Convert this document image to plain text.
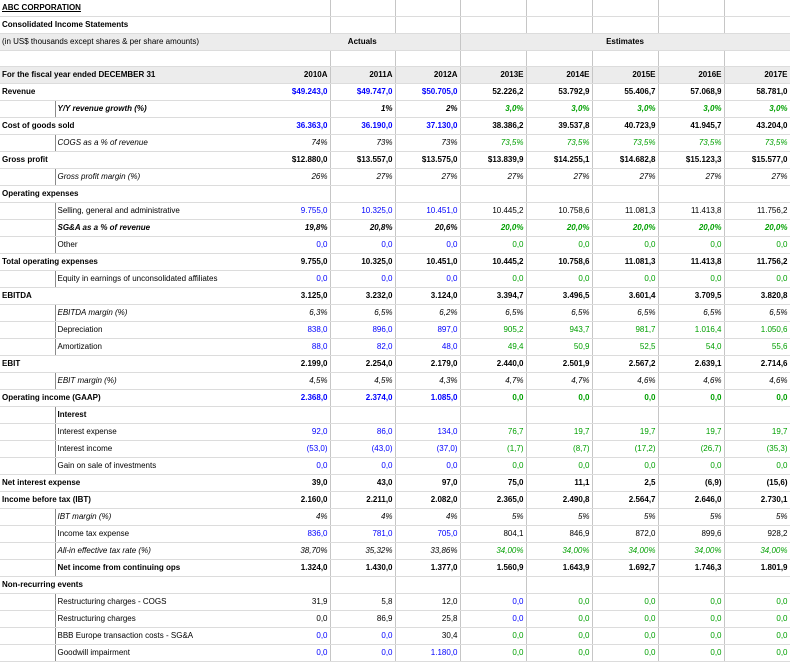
ABC CORPORATION									
Consolidated Income Statements									
(in US$ thousands except shares & per share amounts)		Actuals			Estimates				

For the fiscal year ended DECEMBER 31		2010A	2011A	2012A	2013E	2014E	2015E	2016E	2017E
Revenue		$49.243,0	$49.747,0	$50.705,0	52.226,2	53.792,9	55.406,7	57.068,9	58.781,0
	Y/Y revenue growth (%)		1%	2%	3,0%	3,0%	3,0%	3,0%	3,0%
Cost of goods sold		36.363,0	36.190,0	37.130,0	38.386,2	39.537,8	40.723,9	41.945,7	43.204,0
	COGS as a % of revenue	74%	73%	73%	73,5%	73,5%	73,5%	73,5%	73,5%
Gross profit		$12.880,0	$13.557,0	$13.575,0	$13.839,9	$14.255,1	$14.682,8	$15.123,3	$15.577,0
	Gross profit margin (%)	26%	27%	27%	27%	27%	27%	27%	27%
Operating expenses									
	Selling, general and administrative	9.755,0	10.325,0	10.451,0	10.445,2	10.758,6	11.081,3	11.413,8	11.756,2
	SG&A as a % of revenue	19,8%	20,8%	20,6%	20,0%	20,0%	20,0%	20,0%	20,0%
	Other	0,0	0,0	0,0	0,0	0,0	0,0	0,0	0,0
Total operating expenses		9.755,0	10.325,0	10.451,0	10.445,2	10.758,6	11.081,3	11.413,8	11.756,2
	Equity in earnings of unconsolidated affiliates	0,0	0,0	0,0	0,0	0,0	0,0	0,0	0,0
EBITDA		3.125,0	3.232,0	3.124,0	3.394,7	3.496,5	3.601,4	3.709,5	3.820,8
	EBITDA margin (%)	6,3%	6,5%	6,2%	6,5%	6,5%	6,5%	6,5%	6,5%
	Depreciation	838,0	896,0	897,0	905,2	943,7	981,7	1.016,4	1.050,6
	Amortization	88,0	82,0	48,0	49,4	50,9	52,5	54,0	55,6
EBIT		2.199,0	2.254,0	2.179,0	2.440,0	2.501,9	2.567,2	2.639,1	2.714,6
	EBIT margin (%)	4,5%	4,5%	4,3%	4,7%	4,7%	4,6%	4,6%	4,6%
Operating income (GAAP)		2.368,0	2.374,0	1.085,0	0,0	0,0	0,0	0,0	0,0
	Interest								
	Interest expense	92,0	86,0	134,0	76,7	19,7	19,7	19,7	19,7
	Interest income	(53,0)	(43,0)	(37,0)	(1,7)	(8,7)	(17,2)	(26,7)	(35,3)
	Gain on sale of investments	0,0	0,0	0,0	0,0	0,0	0,0	0,0	0,0
Net interest expense		39,0	43,0	97,0	75,0	11,1	2,5	(6,9)	(15,6)
Income before tax (IBT)		2.160,0	2.211,0	2.082,0	2.365,0	2.490,8	2.564,7	2.646,0	2.730,1
	IBT margin (%)	4%	4%	4%	5%	5%	5%	5%	5%
	Income tax expense	836,0	781,0	705,0	804,1	846,9	872,0	899,6	928,2
	All-in effective tax rate (%)	38,70%	35,32%	33,86%	34,00%	34,00%	34,00%	34,00%	34,00%
	Net income from continuing ops	1.324,0	1.430,0	1.377,0	1.560,9	1.643,9	1.692,7	1.746,3	1.801,9
Non-recurring events									
	Restructuring charges - COGS	31,9	5,8	12,0	0,0	0,0	0,0	0,0	0,0
	Restructuring charges	0,0	86,9	25,8	0,0	0,0	0,0	0,0	0,0
	BBB Europe transaction costs - SG&A	0,0	0,0	30,4	0,0	0,0	0,0	0,0	0,0
	Goodwill impairment	0,0	0,0	1.180,0	0,0	0,0	0,0	0,0	0,0
